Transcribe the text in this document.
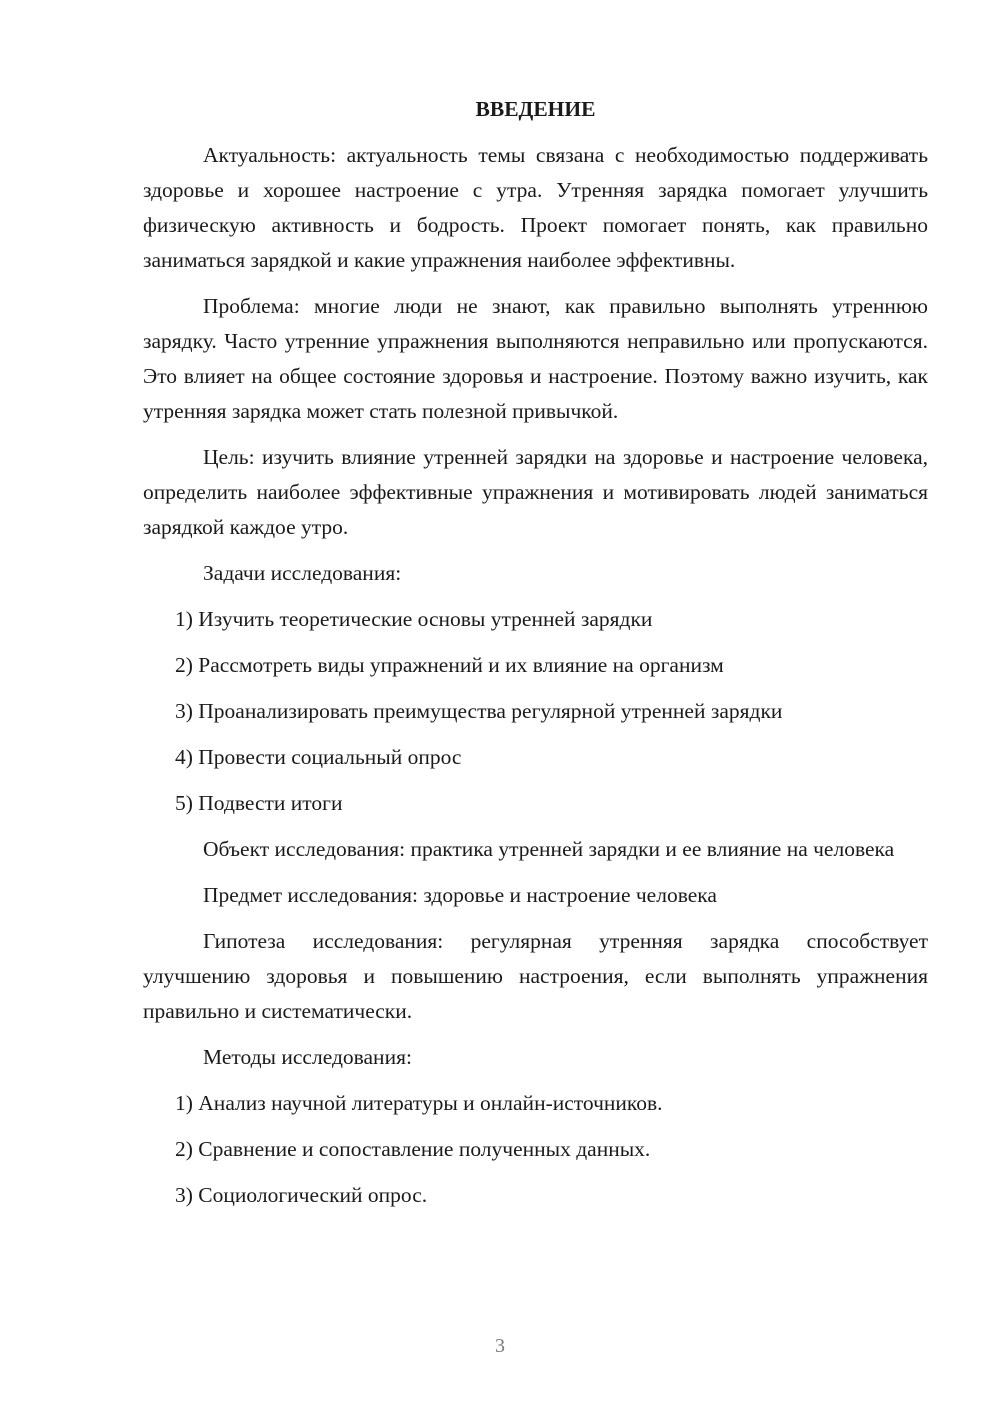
ВВЕДЕНИЕ
Актуальность: актуальность темы связана с необходимостью поддерживать здоровье и хорошее настроение с утра. Утренняя зарядка помогает улучшить физическую активность и бодрость. Проект помогает понять, как правильно заниматься зарядкой и какие упражнения наиболее эффективны.
Проблема: многие люди не знают, как правильно выполнять утреннюю зарядку. Часто утренние упражнения выполняются неправильно или пропускаются. Это влияет на общее состояние здоровья и настроение. Поэтому важно изучить, как утренняя зарядка может стать полезной привычкой.
Цель: изучить влияние утренней зарядки на здоровье и настроение человека, определить наиболее эффективные упражнения и мотивировать людей заниматься зарядкой каждое утро.
Задачи исследования:
1) Изучить теоретические основы утренней зарядки
2) Рассмотреть виды упражнений и их влияние на организм
3) Проанализировать преимущества регулярной утренней зарядки
4) Провести социальный опрос
5) Подвести итоги
Объект исследования: практика утренней зарядки и ее влияние на человека
Предмет исследования: здоровье и настроение человека
Гипотеза исследования: регулярная утренняя зарядка способствует улучшению здоровья и повышению настроения, если выполнять упражнения правильно и систематически.
Методы исследования:
1) Анализ научной литературы и онлайн-источников.
2) Сравнение и сопоставление полученных данных.
3) Социологический опрос.
3
